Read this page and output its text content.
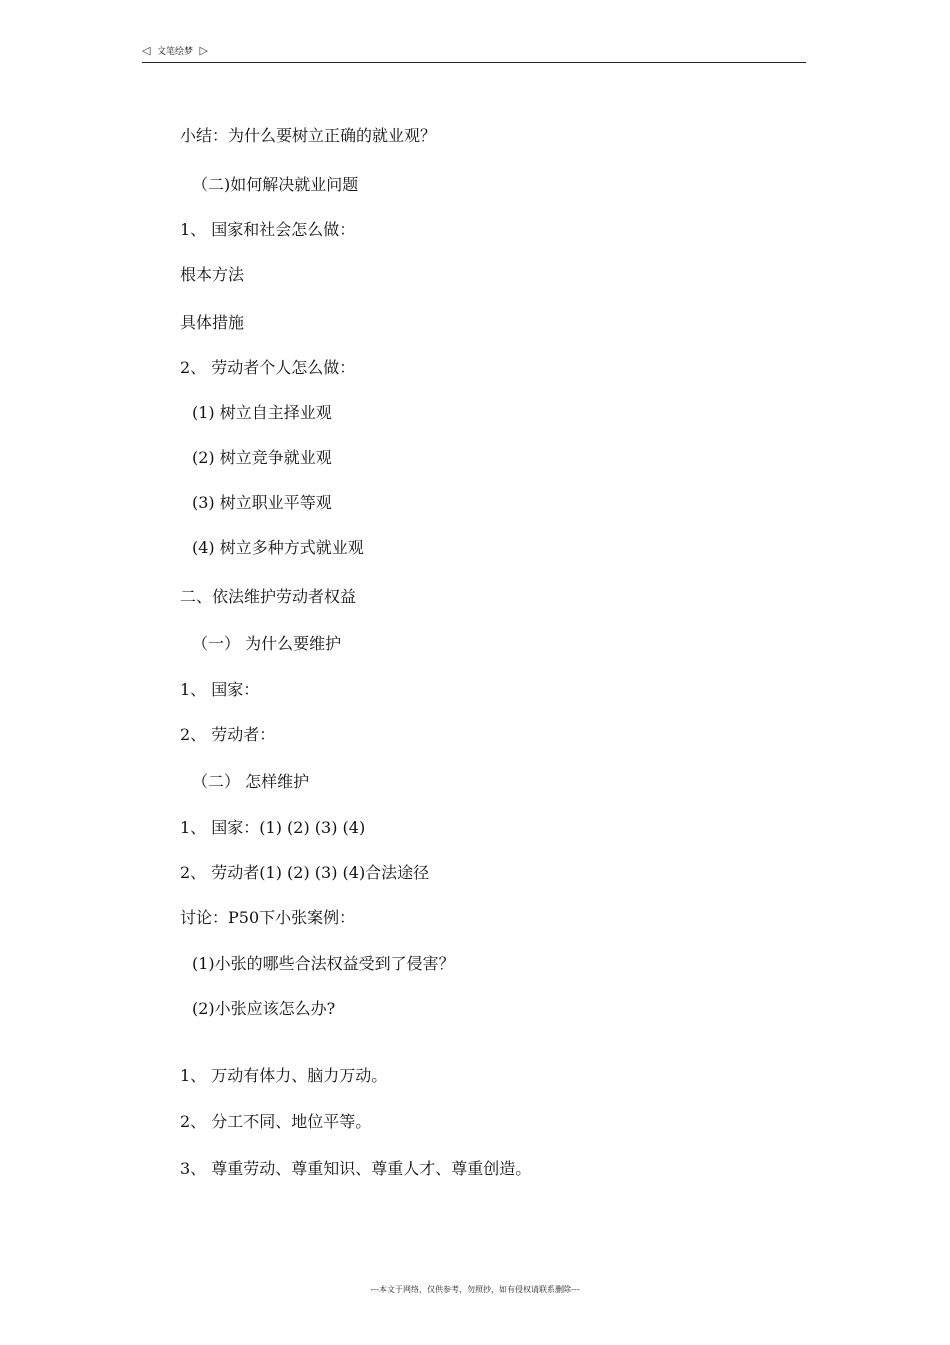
◁ 文笔绘梦 ▷
小结：为什么要树立正确的就业观？
（二)如何解决就业问题
1、 国家和社会怎么做：
根本方法
具体措施
2、 劳动者个人怎么做：
(1) 树立自主择业观
(2) 树立竞争就业观
(3) 树立职业平等观
(4) 树立多种方式就业观
二、依法维护劳动者权益
（一） 为什么要维护
1、 国家：
2、 劳动者：
（二） 怎样维护
1、 国家：(1) (2) (3) (4)
2、 劳动者(1) (2) (3) (4)合法途径
讨论：P50下小张案例：
(1)小张的哪些合法权益受到了侵害？
(2)小张应该怎么办?
1、 万动有体力、脑力万动。
2、 分工不同、地位平等。
3、 尊重劳动、尊重知识、尊重人才、尊重创造。
---本文于网络，仅供参考，勿照抄，如有侵权请联系删除---
